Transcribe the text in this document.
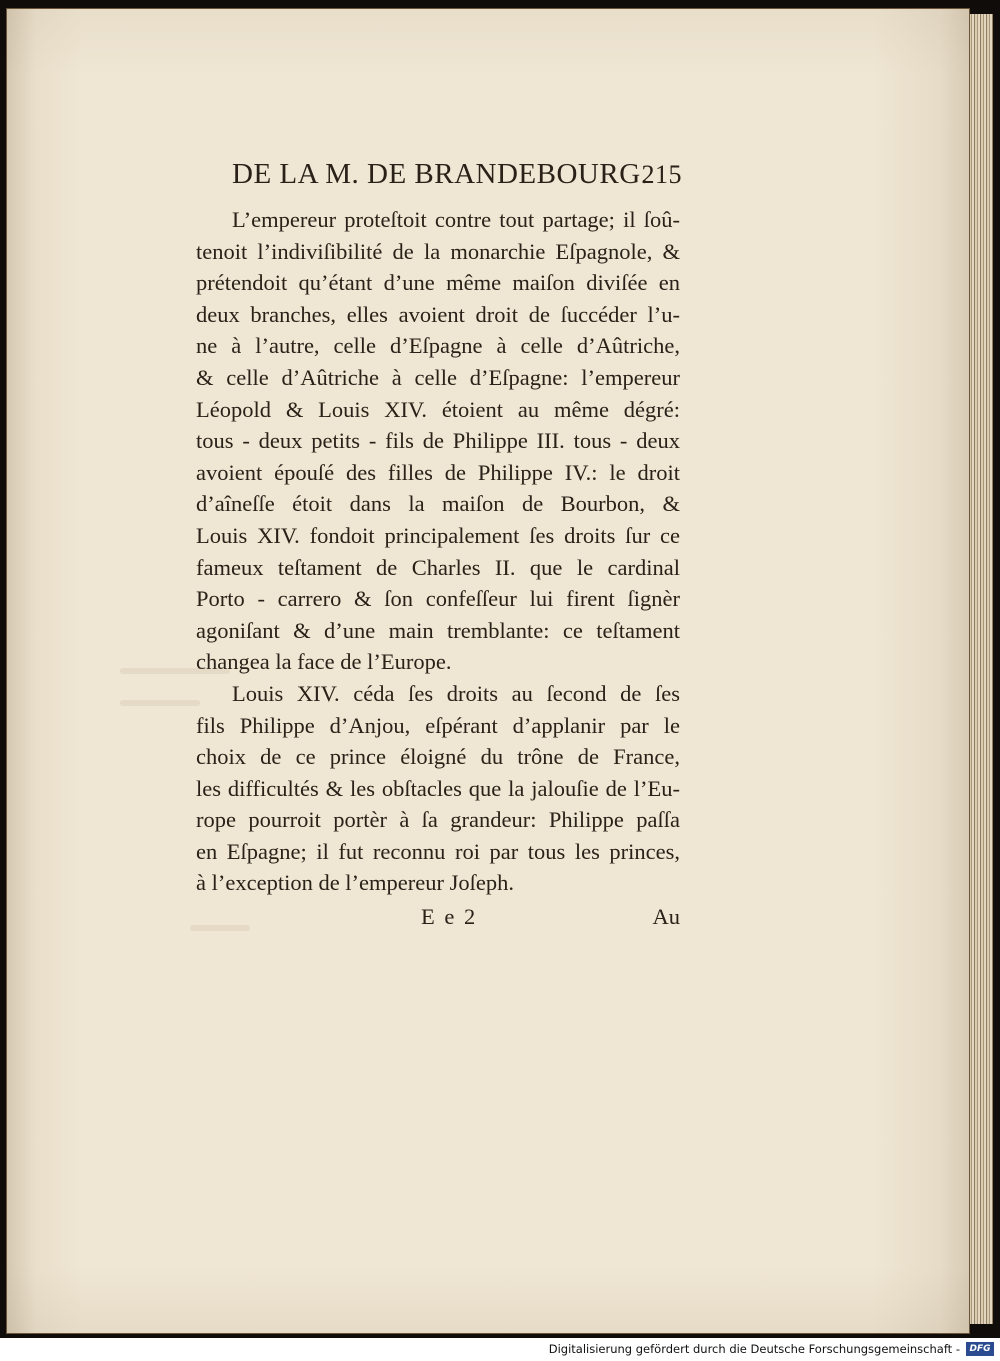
DE LA M. DE BRANDEBOURG.
215
L’empereur proteſtoit contre tout partage; il ſoû-
tenoit l’indiviſibilité de la monarchie Eſpagnole, &
prétendoit qu’étant d’une même maiſon diviſée en
deux branches, elles avoient droit de ſuccéder l’u-
ne à l’autre, celle d’Eſpagne à celle d’Aûtriche,
& celle d’Aûtriche à celle d’Eſpagne: l’empereur
Léopold & Louis XIV. étoient au même dégré:
tous - deux petits - fils de Philippe III. tous - deux
avoient épouſé des filles de Philippe IV.: le droit
d’aîneſſe étoit dans la maiſon de Bourbon, &
Louis XIV. fondoit principalement ſes droits ſur ce
fameux teſtament de Charles II. que le cardinal
Porto - carrero & ſon confeſſeur lui firent ſignèr
agoniſant & d’une main tremblante: ce teſtament
changea la face de l’Europe.
Louis XIV. céda ſes droits au ſecond de ſes
fils Philippe d’Anjou, eſpérant d’applanir par le
choix de ce prince éloigné du trône de France,
les difficultés & les obſtacles que la jalouſie de l’Eu-
rope pourroit portèr à ſa grandeur: Philippe paſſa
en Eſpagne; il fut reconnu roi par tous les princes,
à l’exception de l’empereur Joſeph.
E e 2	Au
Digitalisierung gefördert durch die Deutsche Forschungsgemeinschaft -	DFG
